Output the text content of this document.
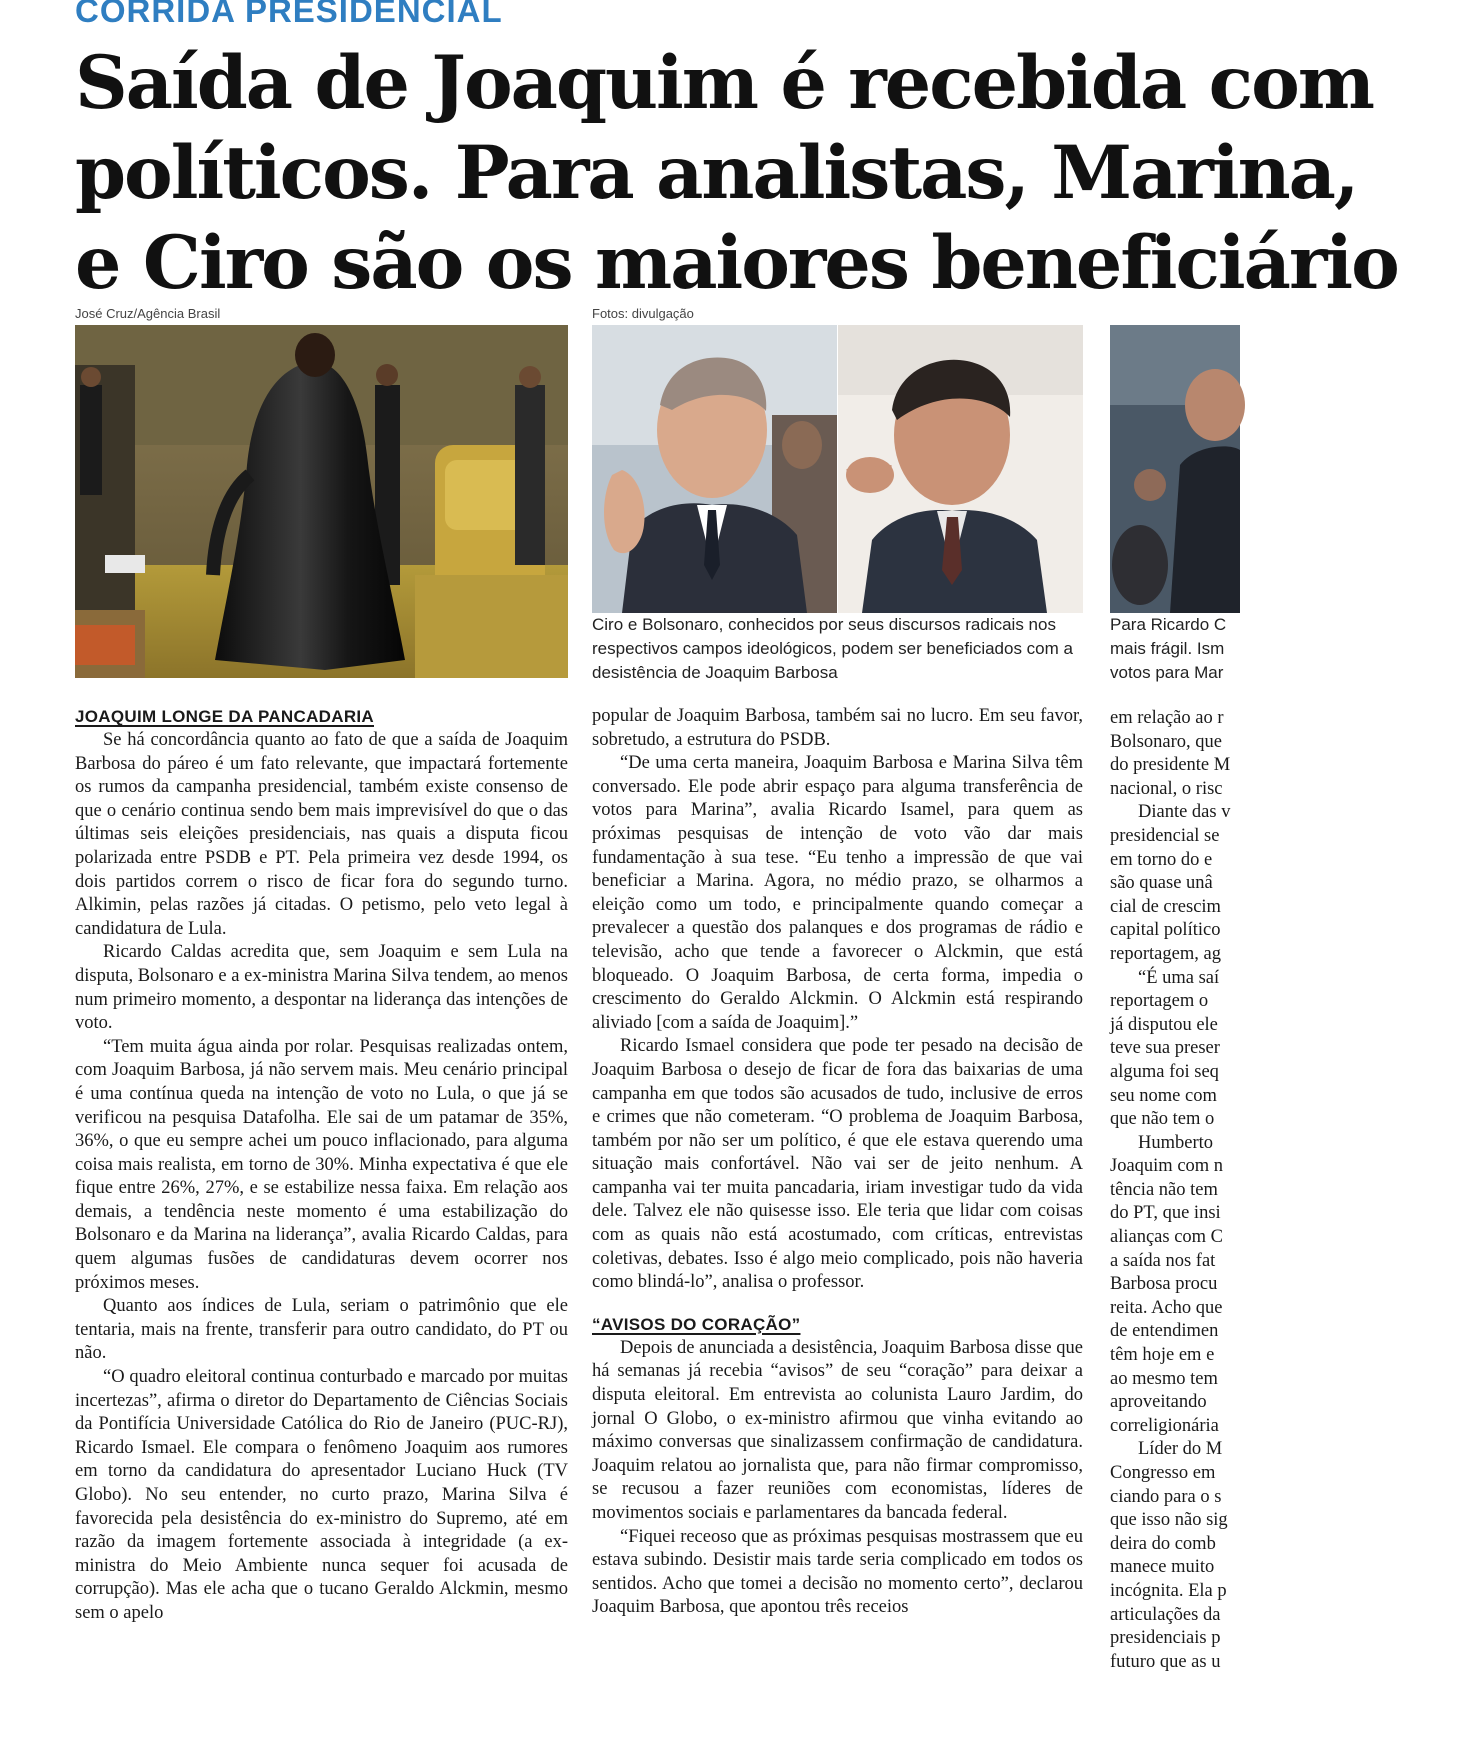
CORRIDA PRESIDENCIAL
Saída de Joaquim é recebida com
políticos. Para analistas, Marina,
e Ciro são os maiores beneficiário
José Cruz/Agência Brasil	Fotos: divulgação
Ciro e Bolsonaro, conhecidos por seus discursos radicais nos respectivos campos ideológicos, podem ser beneficiados com a desistência de Joaquim Barbosa
Para Ricardo C
mais frágil. Ism
votos para Mar
JOAQUIM LONGE DA PANCADARIA

Se há concordância quanto ao fato de que a saída de Joaquim Barbosa do páreo é um fato relevante, que impactará fortemente os rumos da campanha presidencial, também existe consenso de que o cenário continua sendo bem mais imprevisível do que o das últimas seis eleições presidenciais, nas quais a disputa ficou polarizada entre PSDB e PT. Pela primeira vez desde 1994, os dois partidos correm o risco de ficar fora do segundo turno. Alkimin, pelas razões já citadas. O petismo, pelo veto legal à candidatura de Lula.

Ricardo Caldas acredita que, sem Joaquim e sem Lula na disputa, Bolsonaro e a ex-ministra Marina Silva tendem, ao menos num primeiro momento, a despontar na liderança das intenções de voto.

“Tem muita água ainda por rolar. Pesquisas realizadas ontem, com Joaquim Barbosa, já não servem mais. Meu cenário principal é uma contínua queda na intenção de voto no Lula, o que já se verificou na pesquisa Datafolha. Ele sai de um patamar de 35%, 36%, o que eu sempre achei um pouco inflacionado, para alguma coisa mais realista, em torno de 30%. Minha expectativa é que ele fique entre 26%, 27%, e se estabilize nessa faixa. Em relação aos demais, a tendência neste momento é uma estabilização do Bolsonaro e da Marina na liderança”, avalia Ricardo Caldas, para quem algumas fusões de candidaturas devem ocorrer nos próximos meses.

Quanto aos índices de Lula, seriam o patrimônio que ele tentaria, mais na frente, transferir para outro candidato, do PT ou não.

“O quadro eleitoral continua conturbado e marcado por muitas incertezas”, afirma o diretor do Departamento de Ciências Sociais da Pontifícia Universidade Católica do Rio de Janeiro (PUC-RJ), Ricardo Ismael. Ele compara o fenômeno Joaquim aos rumores em torno da candidatura do apresentador Luciano Huck (TV Globo). No seu entender, no curto prazo, Marina Silva é favorecida pela desistência do ex-ministro do Supremo, até em razão da imagem fortemente associada à integridade (a ex-ministra do Meio Ambiente nunca sequer foi acusada de corrupção). Mas ele acha que o tucano Geraldo Alckmin, mesmo sem o apelo

popular de Joaquim Barbosa, também sai no lucro. Em seu favor, sobretudo, a estrutura do PSDB.

“De uma certa maneira, Joaquim Barbosa e Marina Silva têm conversado. Ele pode abrir espaço para alguma transferência de votos para Marina”, avalia Ricardo Isamel, para quem as próximas pesquisas de intenção de voto vão dar mais fundamentação à sua tese. “Eu tenho a impressão de que vai beneficiar a Marina. Agora, no médio prazo, se olharmos a eleição como um todo, e principalmente quando começar a prevalecer a questão dos palanques e dos programas de rádio e televisão, acho que tende a favorecer o Alckmin, que está bloqueado. O Joaquim Barbosa, de certa forma, impedia o crescimento do Geraldo Alckmin. O Alckmin está respirando aliviado [com a saída de Joaquim].”

Ricardo Ismael considera que pode ter pesado na decisão de Joaquim Barbosa o desejo de ficar de fora das baixarias de uma campanha em que todos são acusados de tudo, inclusive de erros e crimes que não cometeram. “O problema de Joaquim Barbosa, também por não ser um político, é que ele estava querendo uma situação mais confortável. Não vai ser de jeito nenhum. A campanha vai ter muita pancadaria, iriam investigar tudo da vida dele. Talvez ele não quisesse isso. Ele teria que lidar com coisas com as quais não está acostumado, com críticas, entrevistas coletivas, debates. Isso é algo meio complicado, pois não haveria como blindá-lo”, analisa o professor.

“AVISOS DO CORAÇÃO”

Depois de anunciada a desistência, Joaquim Barbosa disse que há semanas já recebia “avisos” de seu “coração” para deixar a disputa eleitoral. Em entrevista ao colunista Lauro Jardim, do jornal O Globo, o ex-ministro afirmou que vinha evitando ao máximo conversas que sinalizassem confirmação de candidatura. Joaquim relatou ao jornalista que, para não firmar compromisso, se recusou a fazer reuniões com economistas, líderes de movimentos sociais e parlamentares da bancada federal.

“Fiquei receoso que as próximas pesquisas mostrassem que eu estava subindo. Desistir mais tarde seria complicado em todos os sentidos. Acho que tomei a decisão no momento certo”, declarou Joaquim Barbosa, que apontou três receios

em relação ao r

Bolsonaro, que

do presidente M

nacional, o risc

Diante das v

presidencial se

em torno do e

são quase unâ

cial de crescim

capital político

reportagem, ag

“É uma saí

reportagem o

já disputou ele

teve sua preser

alguma foi seq

seu nome com

que não tem o

Humberto

Joaquim com n

tência não tem

do PT, que insi

alianças com C

a saída nos fat

Barbosa procu

reita. Acho que

de entendimen

têm hoje em e

ao mesmo tem

aproveitando

correligionária

Líder do M

Congresso em

ciando para o s

que isso não sig

deira do comb

manece muito

incógnita. Ela p

articulações da

presidenciais p

futuro que as u
